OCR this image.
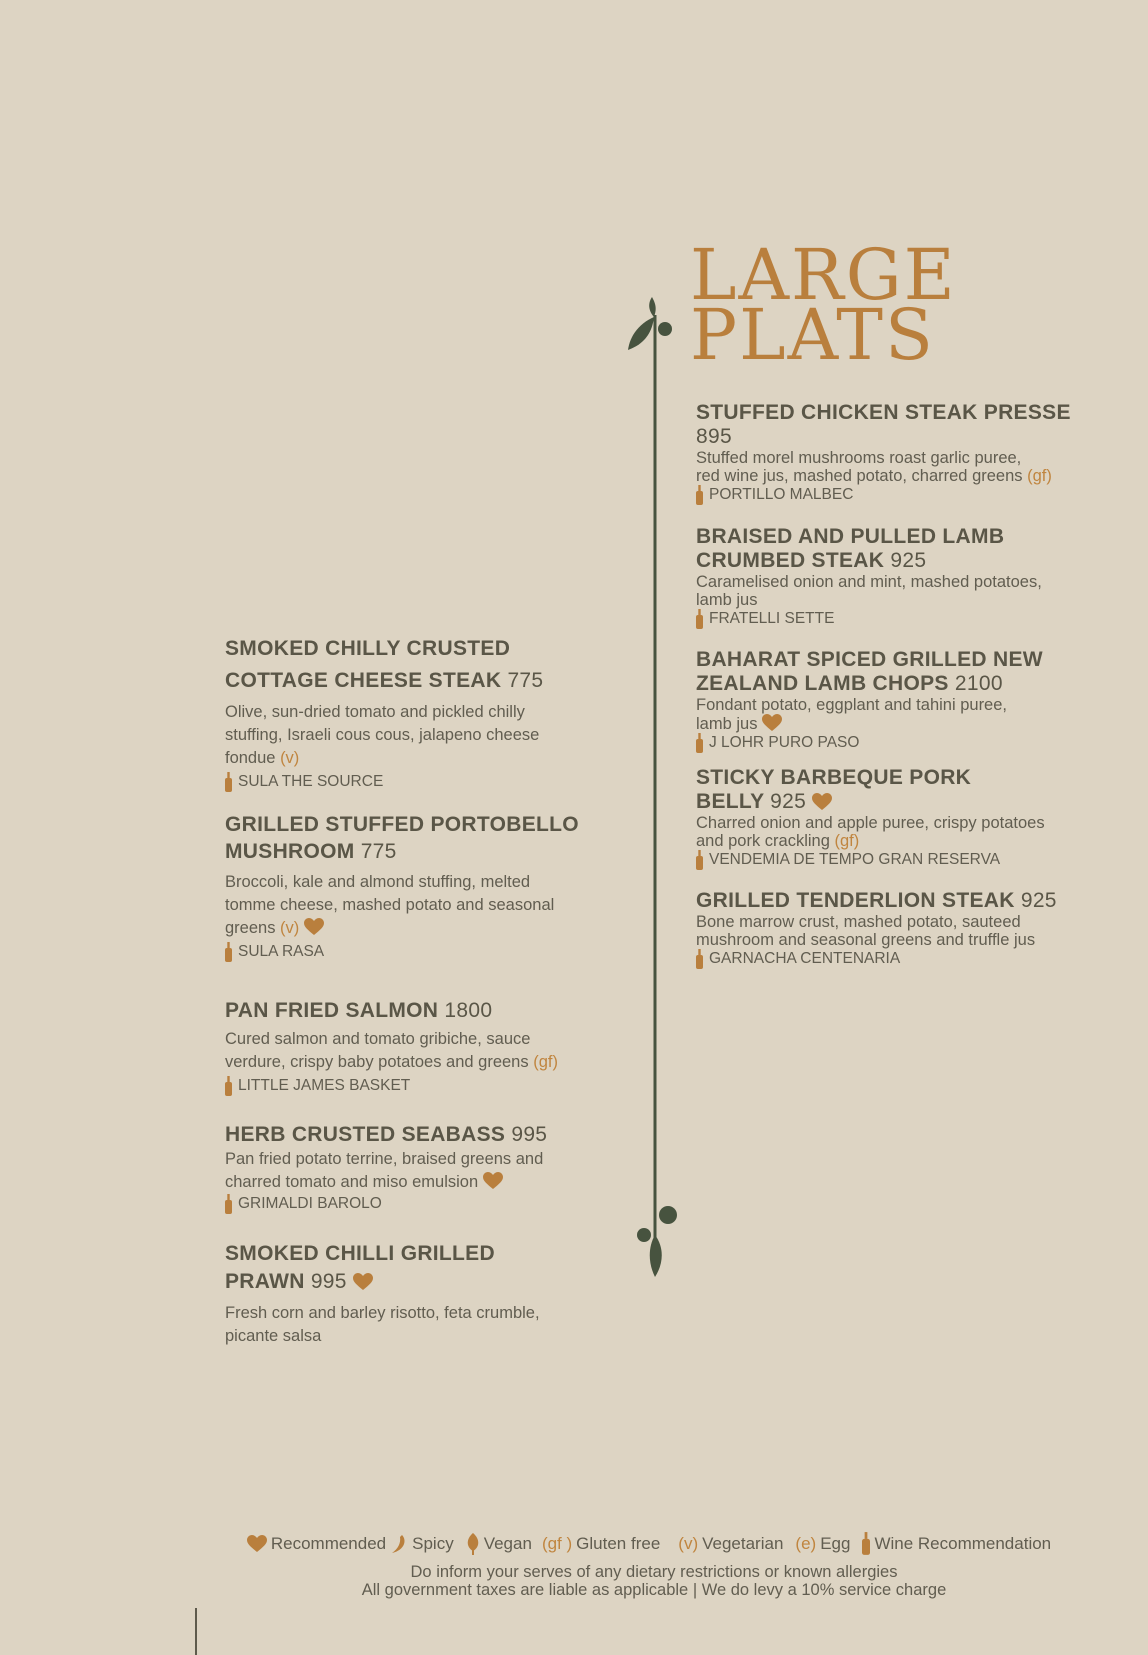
LARGE
PLATS
SMOKED CHILLY CRUSTED
COTTAGE CHEESE STEAK 775
Olive, sun-dried tomato and pickled chilly
stuffing, Israeli cous cous, jalapeno cheese
fondue (v)
SULA THE SOURCE
GRILLED STUFFED PORTOBELLO
MUSHROOM 775
Broccoli, kale and almond stuffing, melted
tomme cheese, mashed potato and seasonal
greens (v)
SULA RASA
PAN FRIED SALMON 1800
Cured salmon and tomato gribiche, sauce
verdure, crispy baby potatoes and greens (gf)
LITTLE JAMES BASKET
HERB CRUSTED SEABASS 995
Pan fried potato terrine, braised greens and
charred tomato and miso emulsion
GRIMALDI BAROLO
SMOKED CHILLI GRILLED
PRAWN 995
Fresh corn and barley risotto, feta crumble,
picante salsa
STUFFED CHICKEN STEAK PRESSE
895
Stuffed morel mushrooms roast garlic puree,
red wine jus, mashed potato, charred greens (gf)
PORTILLO MALBEC
BRAISED AND PULLED LAMB
CRUMBED STEAK 925
Caramelised onion and mint, mashed potatoes,
lamb jus
FRATELLI SETTE
BAHARAT SPICED GRILLED NEW
ZEALAND LAMB CHOPS 2100
Fondant potato, eggplant and tahini puree,
lamb jus
J LOHR PURO PASO
STICKY BARBEQUE PORK
BELLY 925
Charred onion and apple puree, crispy potatoes
and pork crackling (gf)
VENDEMIA DE TEMPO GRAN RESERVA
GRILLED TENDERLION STEAK 925
Bone marrow crust, mashed potato, sauteed
mushroom and seasonal greens and truffle jus
GARNACHA CENTENARIA
Recommended Spicy Vegan (gf ) Gluten free (v) Vegetarian (e) Egg Wine Recommendation
Do inform your serves of any dietary restrictions or known allergies
All government taxes are liable as applicable | We do levy a 10% service charge
